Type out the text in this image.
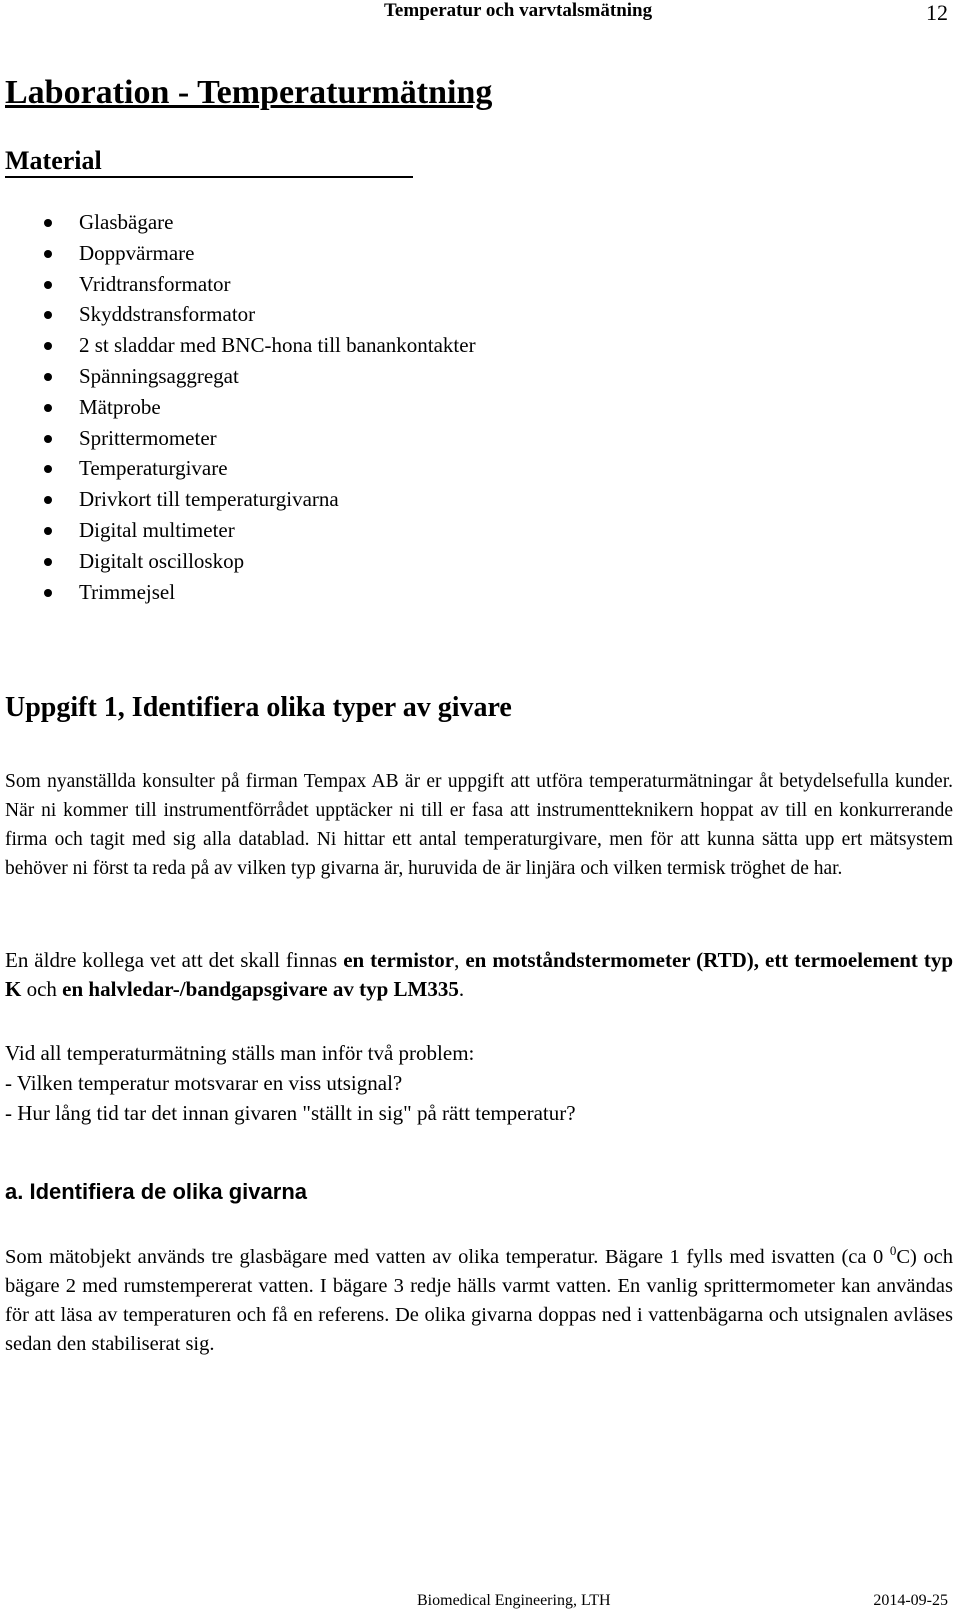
Temperatur och varvtalsmätning	12
Laboration - Temperaturmätning
Material
Glasbägare
Doppvärmare
Vridtransformator
Skyddstransformator
2 st sladdar med BNC-hona till banankontakter
Spänningsaggregat
Mätprobe
Sprittermometer
Temperaturgivare
Drivkort till temperaturgivarna
Digital multimeter
Digitalt oscilloskop
Trimmejsel
Uppgift 1, Identifiera olika typer av givare
Som nyanställda konsulter på firman Tempax AB är er uppgift att utföra temperaturmätningar åt betydelsefulla kunder. När ni kommer till instrumentförrådet upptäcker ni till er fasa att instrumentteknikern hoppat av till en konkurrerande firma och tagit med sig alla datablad. Ni hittar ett antal temperaturgivare, men för att kunna sätta upp ert mätsystem behöver ni först ta reda på av vilken typ givarna är, huruvida de är linjära och vilken termisk tröghet de har.
En äldre kollega vet att det skall finnas en termistor, en motståndstermometer (RTD), ett termoelement typ K och en halvledar-/bandgapsgivare av typ LM335.
Vid all temperaturmätning ställs man inför två problem:
- Vilken temperatur motsvarar en viss utsignal?
- Hur lång tid tar det innan givaren "ställt in sig" på rätt temperatur?
a. Identifiera de olika givarna
Som mätobjekt används tre glasbägare med vatten av olika temperatur. Bägare 1 fylls med isvatten (ca 0 $^0$C) och bägare 2 med rumstempererat vatten. I bägare 3 redje hälls varmt vatten. En vanlig sprittermometer kan användas för att läsa av temperaturen och få en referens. De olika givarna doppas ned i vattenbägarna och utsignalen avläses sedan den stabiliserat sig.
Biomedical Engineering, LTH	2014-09-25
